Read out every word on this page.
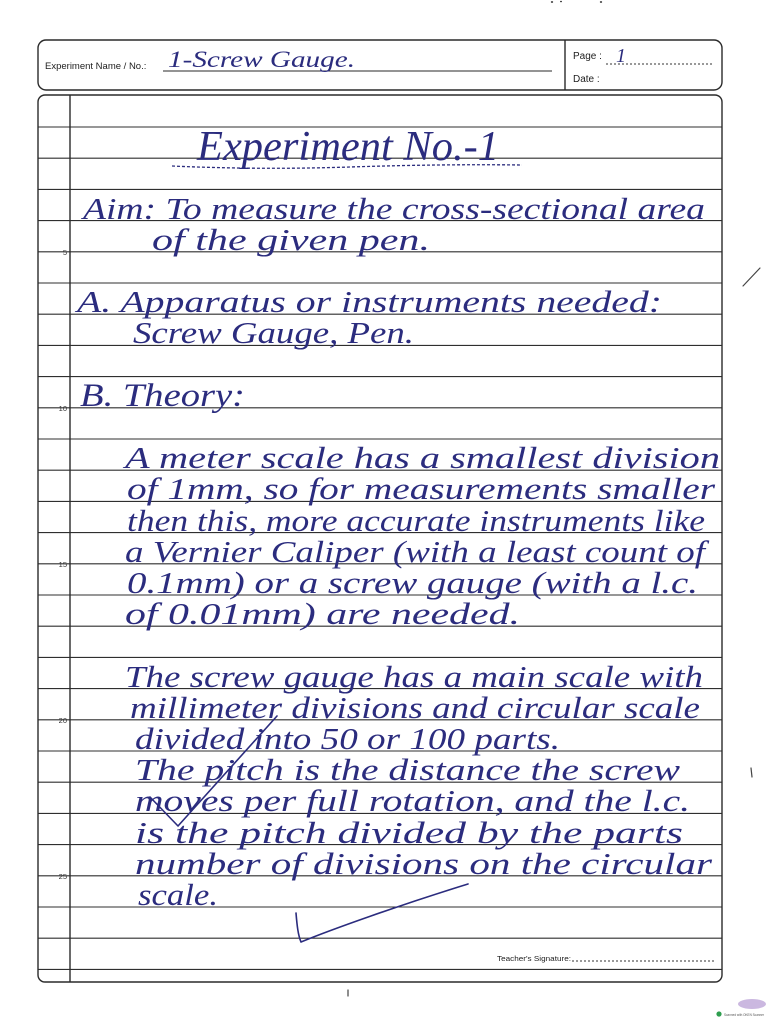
Experiment Name / No.: 1-Screw Gauge.	Page : 1
Date :
5
10
15
20
25
Experiment No.-1
Aim: To measure the cross-sectional area
of the given pen.
A. Apparatus or instruments needed:
Screw Gauge, Pen.
B. Theory:
A meter scale has a smallest division
of 1mm, so for measurements smaller
then this, more accurate instruments like
a Vernier Caliper (with a least count of
0.1mm) or a screw gauge (with a l.c.
of 0.01mm) are needed.
The screw gauge has a main scale with
millimeter divisions and circular scale
divided into 50 or 100 parts.
The pitch is the distance the screw
moves per full rotation, and the l.c.
is the pitch divided by the parts
number of divisions on the circular
scale.
Teacher's Signature:
Scanned with OKEN Scanner
